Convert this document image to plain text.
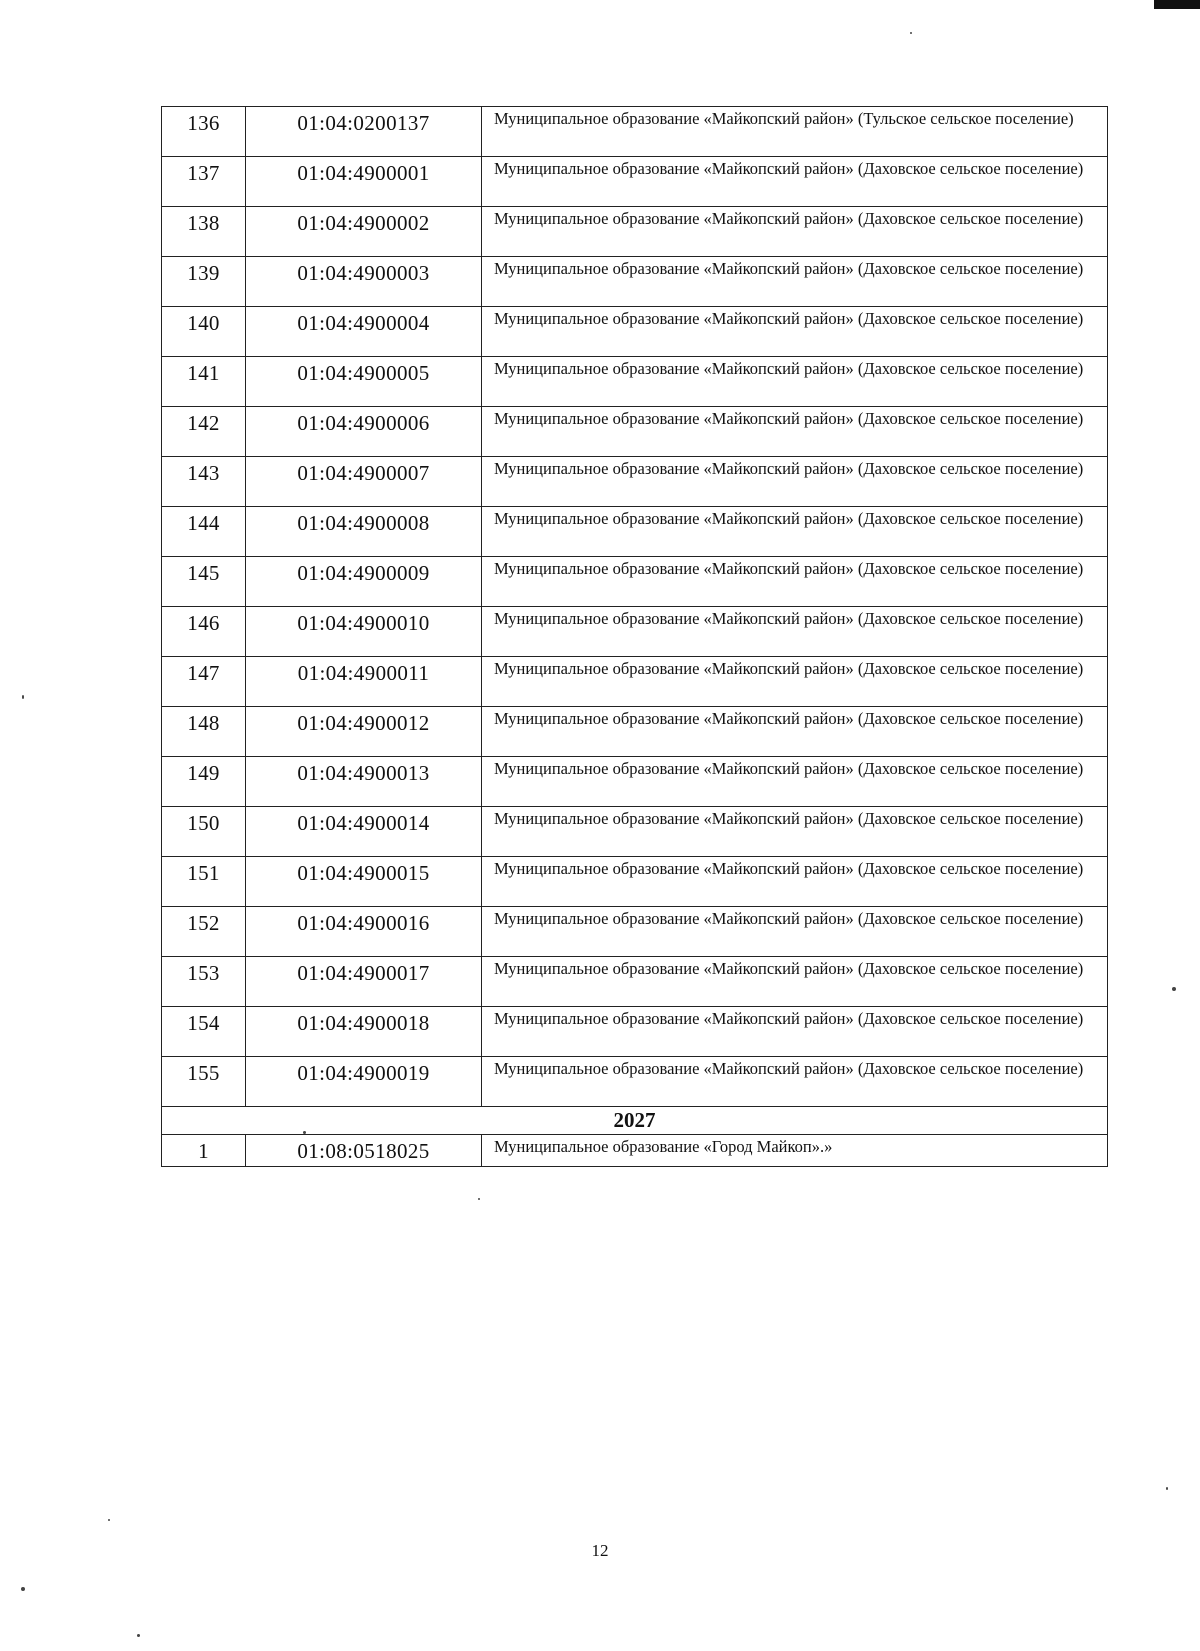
136	01:04:0200137	Муниципальное образование «Майкопский район» (Тульское сельское поселение)
137	01:04:4900001	Муниципальное образование «Майкопский район» (Даховское сельское поселение)
138	01:04:4900002	Муниципальное образование «Майкопский район» (Даховское сельское поселение)
139	01:04:4900003	Муниципальное образование «Майкопский район» (Даховское сельское поселение)
140	01:04:4900004	Муниципальное образование «Майкопский район» (Даховское сельское поселение)
141	01:04:4900005	Муниципальное образование «Майкопский район» (Даховское сельское поселение)
142	01:04:4900006	Муниципальное образование «Майкопский район» (Даховское сельское поселение)
143	01:04:4900007	Муниципальное образование «Майкопский район» (Даховское сельское поселение)
144	01:04:4900008	Муниципальное образование «Майкопский район» (Даховское сельское поселение)
145	01:04:4900009	Муниципальное образование «Майкопский район» (Даховское сельское поселение)
146	01:04:4900010	Муниципальное образование «Майкопский район» (Даховское сельское поселение)
147	01:04:4900011	Муниципальное образование «Майкопский район» (Даховское сельское поселение)
148	01:04:4900012	Муниципальное образование «Майкопский район» (Даховское сельское поселение)
149	01:04:4900013	Муниципальное образование «Майкопский район» (Даховское сельское поселение)
150	01:04:4900014	Муниципальное образование «Майкопский район» (Даховское сельское поселение)
151	01:04:4900015	Муниципальное образование «Майкопский район» (Даховское сельское поселение)
152	01:04:4900016	Муниципальное образование «Майкопский район» (Даховское сельское поселение)
153	01:04:4900017	Муниципальное образование «Майкопский район» (Даховское сельское поселение)
154	01:04:4900018	Муниципальное образование «Майкопский район» (Даховское сельское поселение)
155	01:04:4900019	Муниципальное образование «Майкопский район» (Даховское сельское поселение)
2027		
1	01:08:0518025	Муниципальное образование «Город Майкоп».»
12
